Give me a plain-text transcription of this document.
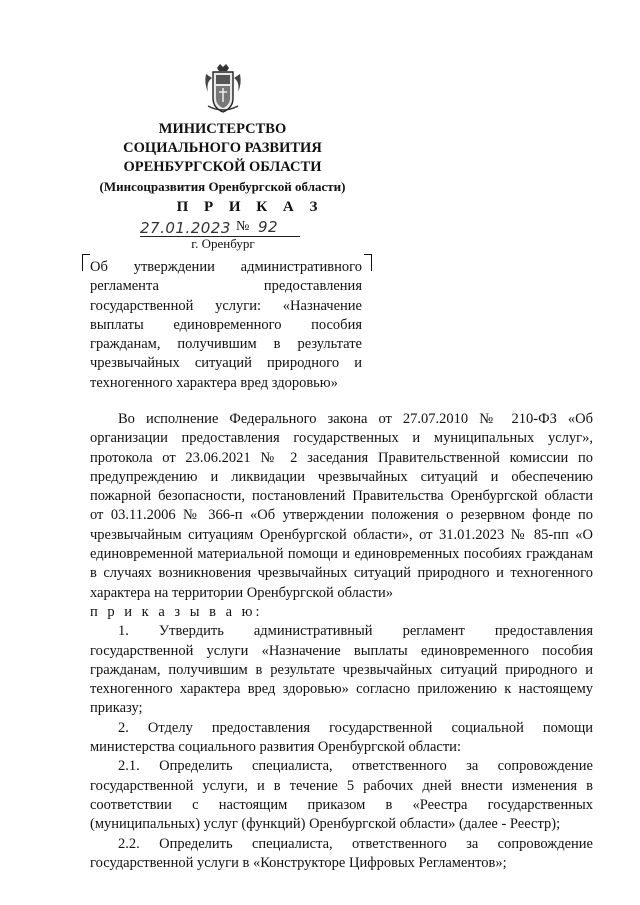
МИНИСТЕРСТВО
СОЦИАЛЬНОГО РАЗВИТИЯ
ОРЕНБУРГСКОЙ ОБЛАСТИ
(Минсоцразвития Оренбургской области)
П Р И К А З
27.01.2023 № 92
г. Оренбург
Об утверждении административного регламента предоставления государственной услуги: «Назначение выплаты единовременного пособия гражданам, получившим в результате чрезвычайных ситуаций природного и техногенного характера вред здоровью»

Во исполнение Федерального закона от 27.07.2010 № 210-ФЗ «Об организации предоставления государственных и муниципальных услуг», протокола от 23.06.2021 № 2 заседания Правительственной комиссии по предупреждению и ликвидации чрезвычайных ситуаций и обеспечению пожарной безопасности, постановлений Правительства Оренбургской области от 03.11.2006 № 366-п «Об утверждении положения о резервном фонде по чрезвычайным ситуациям Оренбургской области», от 31.01.2023 № 85-пп «О единовременной материальной помощи и единовременных пособиях гражданам в случаях возникновения чрезвычайных ситуаций природного и техногенного характера на территории Оренбургской области»

п р и к а з ы в а ю:

1. Утвердить административный регламент предоставления государственной услуги «Назначение выплаты единовременного пособия гражданам, получившим в результате чрезвычайных ситуаций природного и техногенного характера вред здоровью» согласно приложению к настоящему приказу;

2. Отделу предоставления государственной социальной помощи министерства социального развития Оренбургской области:

2.1. Определить специалиста, ответственного за сопровождение государственной услуги, и в течение 5 рабочих дней внести изменения в соответствии с настоящим приказом в «Реестра государственных (муниципальных) услуг (функций) Оренбургской области» (далее - Реестр);

2.2. Определить специалиста, ответственного за сопровождение государственной услуги в «Конструкторе Цифровых Регламентов»;
